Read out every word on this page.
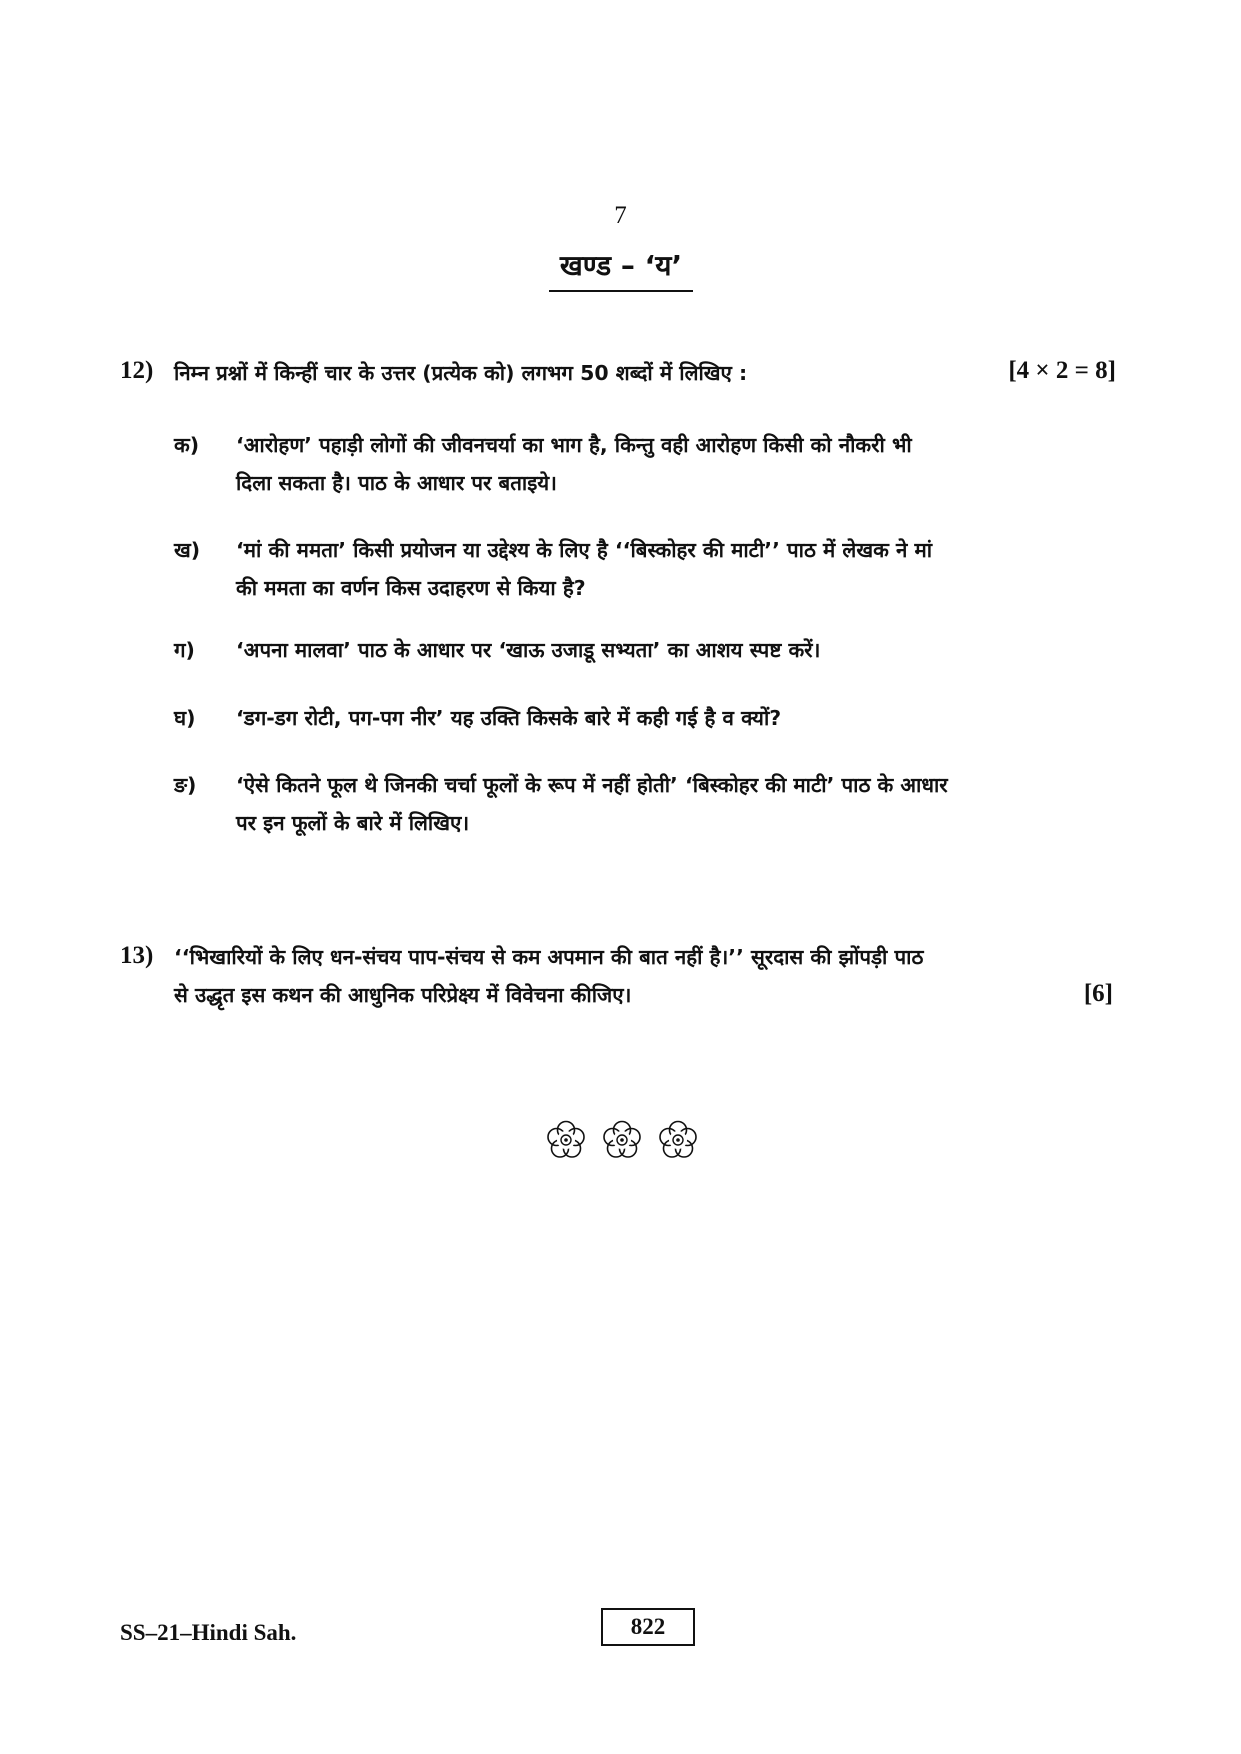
7
खण्ड – ‘य’
12) निम्न प्रश्नों में किन्हीं चार के उत्तर (प्रत्येक को) लगभग 50 शब्दों में लिखिए :	[4 × 2 = 8]
क) ‘आरोहण’ पहाड़ी लोगों की जीवनचर्या का भाग है, किन्तु वही आरोहण किसी को नौकरी भी
दिला सकता है। पाठ के आधार पर बताइये।
ख) ‘मां की ममता’ किसी प्रयोजन या उद्देश्य के लिए है ‘‘बिस्कोहर की माटी’’ पाठ में लेखक ने मां
की ममता का वर्णन किस उदाहरण से किया है?
ग) ‘अपना मालवा’ पाठ के आधार पर ‘खाऊ उजाडू सभ्यता’ का आशय स्पष्ट करें।
घ) ‘डग-डग रोटी, पग-पग नीर’ यह उक्ति किसके बारे में कही गई है व क्यों?
ङ) ‘ऐसे कितने फूल थे जिनकी चर्चा फूलों के रूप में नहीं होती’ ‘बिस्कोहर की माटी’ पाठ के आधार
पर इन फूलों के बारे में लिखिए।
13) ‘‘भिखारियों के लिए धन-संचय पाप-संचय से कम अपमान की बात नहीं है।’’ सूरदास की झोंपड़ी पाठ
से उद्धृत इस कथन की आधुनिक परिप्रेक्ष्य में विवेचना कीजिए।	[6]
SS–21–Hindi Sah.	822
